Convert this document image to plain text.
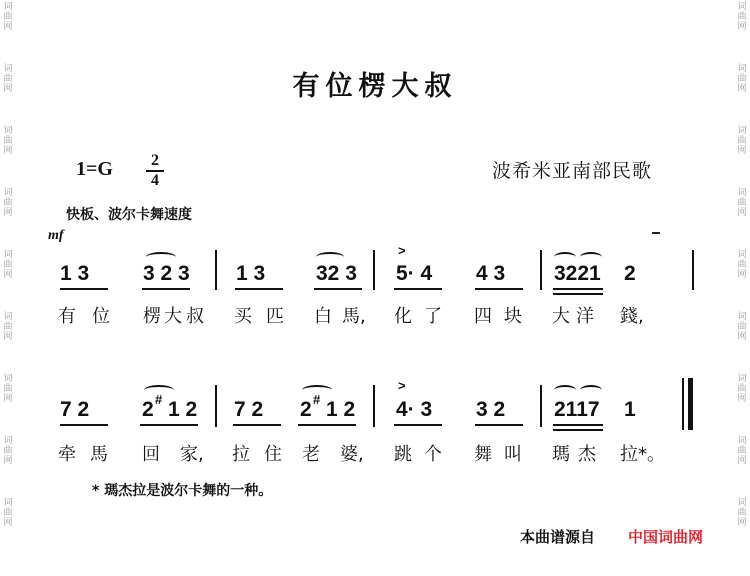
词
曲
网
词
曲
网
词
曲
网
词
曲
网
词
曲
网
词
曲
网
词
曲
网
词
曲
网
词
曲
网
词
曲
网
词
曲
网
词
曲
网
词
曲
网
词
曲
网
词
曲
网
词
曲
网
词
曲
网
词
曲
网
有位楞大叔
1=G	2
4	波希米亚南部民歌
快板、波尔卡舞速度
mf
1 3	3 2 3 1 3 32 3 5· 4 4 3 3221 2
>
有 位 楞 大 叔 买 匹 白 馬, 化 了 四 块 大 洋 錢,
7 2	2 # 1 2 7 2 2 # 1 2 4· 3 3 2 2117 1
>
牵 馬 回 家, 拉 住 老 婆, 跳 个 舞 叫 瑪 杰 拉*。
* 瑪杰拉是波尔卡舞的一种。
本曲谱源自 中国词曲网
